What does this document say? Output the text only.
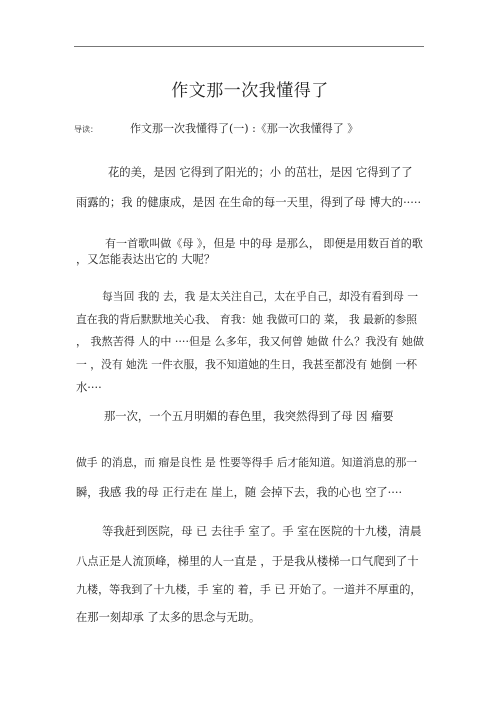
作文那一次我懂得了
导读：	作文那一次我懂得了(一) :《那一次我懂得了 》
花的美，是因 它得到了阳光的；小 的茁壮，是因 它得到了了
雨露的；我 的健康成，是因 在生命的每一天里，得到了母 博大的·····
有一首歌叫做《母 》，但是 中的母 是那么， 即便是用数百首的歌
，又怎能表达出它的 大呢？
每当回 我的 去，我 是太关注自己，太在乎自己，却没有看到母 一
直在我的背后默默地关心我、 育我：她 我做可口的 菜， 我 最新的参照
， 我熬苦得 人的中 ····但是 么多年，我又何曾 她做 什么？我没有 她做
一 ，没有 她洗 一件衣服，我不知道她的生日，我甚至都没有 她倒 一杯
水····
那一次，一个五月明媚的春色里，我突然得到了母 因 瘤要
做手 的消息，而 瘤是良性 是 性要等得手 后才能知道。知道消息的那一
瞬，我感 我的母 正行走在 崖上，随 会掉下去，我的心也 空了····
等我赶到医院，母 已 去往手 室了。手 室在医院的十九楼，清晨
八点正是人流顶峰，梯里的人一直是 ，于是我从楼梯一口气爬到了十
九楼，等我到了十九楼，手 室的 着，手 已 开始了。一道并不厚重的，
在那一刻却承 了太多的思念与无助。
